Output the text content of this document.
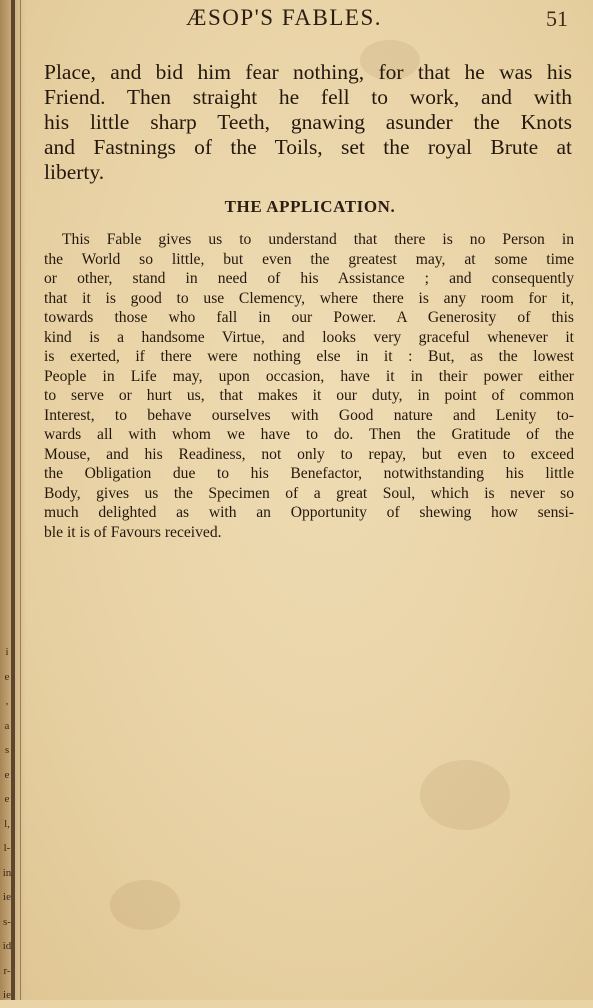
i
e
,
a
s
e
e
l,
l-
in
ie
s-
id
r-
ie
ÆSOP'S FABLES.	51
Place, and bid him fear nothing, for that he was his
Friend. Then straight he fell to work, and with
his little sharp Teeth, gnawing asunder the Knots
and Fastnings of the Toils, set the royal Brute at
liberty.
THE APPLICATION.
This Fable gives us to understand that there is no Person in
the World so little, but even the greatest may, at some time
or other, stand in need of his Assistance ; and consequently
that it is good to use Clemency, where there is any room for it,
towards those who fall in our Power. A Generosity of this
kind is a handsome Virtue, and looks very graceful whenever it
is exerted, if there were nothing else in it : But, as the lowest
People in Life may, upon occasion, have it in their power either
to serve or hurt us, that makes it our duty, in point of common
Interest, to behave ourselves with Good nature and Lenity to-
wards all with whom we have to do. Then the Gratitude of the
Mouse, and his Readiness, not only to repay, but even to exceed
the Obligation due to his Benefactor, notwithstanding his little
Body, gives us the Specimen of a great Soul, which is never so
much delighted as with an Opportunity of shewing how sensi-
ble it is of Favours received.
